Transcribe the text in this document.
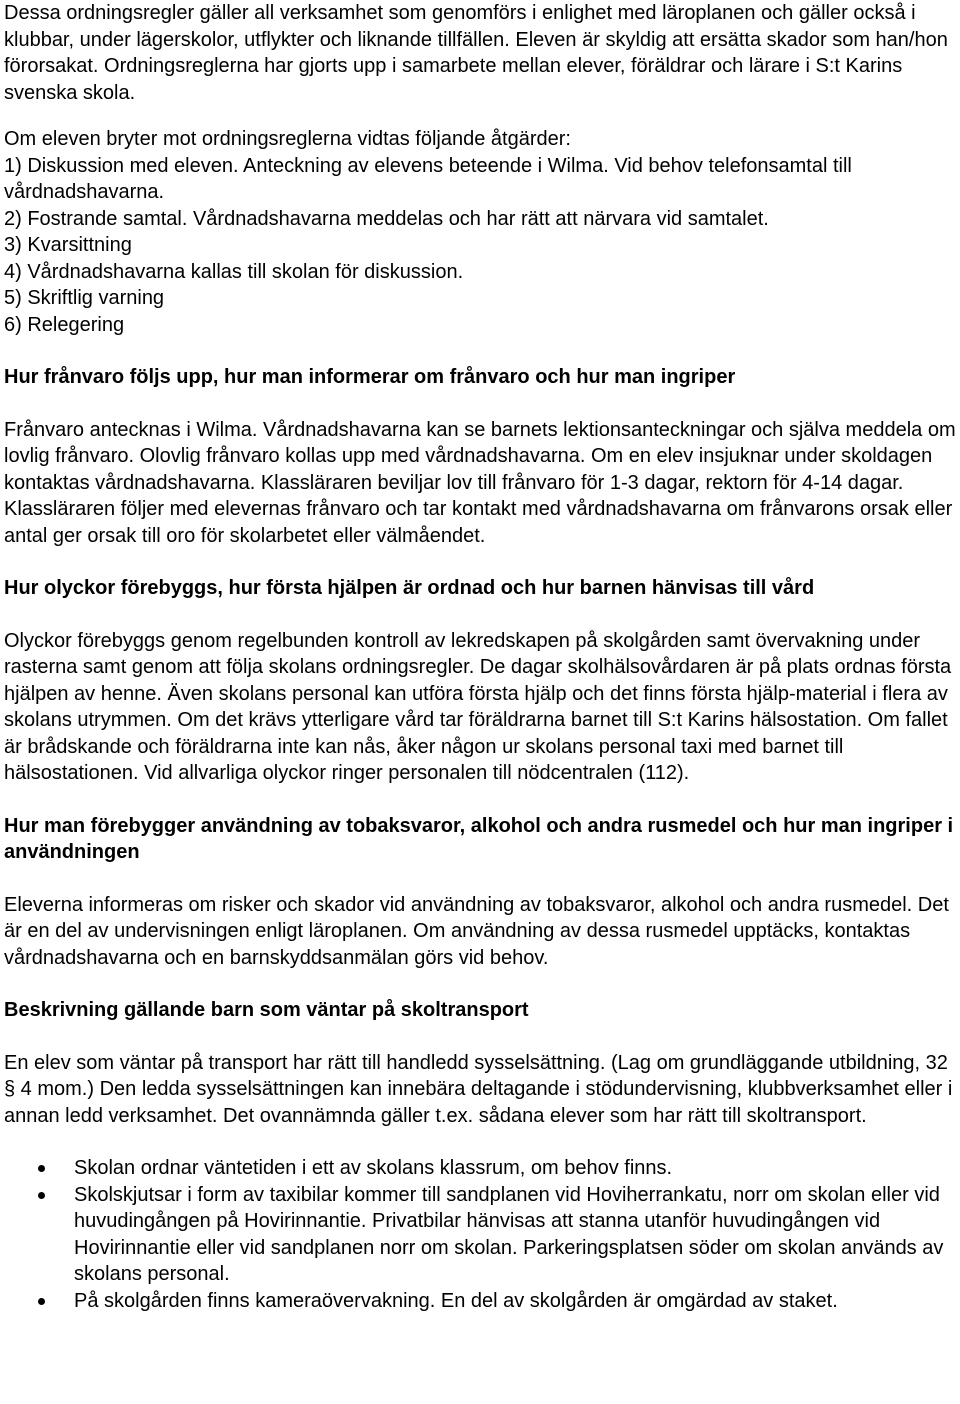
Dessa ordningsregler gäller all verksamhet som genomförs i enlighet med läroplanen och gäller också i klubbar, under lägerskolor, utflykter och liknande tillfällen. Eleven är skyldig att ersätta skador som han/hon förorsakat. Ordningsreglerna har gjorts upp i samarbete mellan elever, föräldrar och lärare i S:t Karins svenska skola.

Om eleven bryter mot ordningsreglerna vidtas följande åtgärder:

1) Diskussion med eleven. Anteckning av elevens beteende i Wilma. Vid behov telefonsamtal till vårdnadshavarna.

2) Fostrande samtal. Vårdnadshavarna meddelas och har rätt att närvara vid samtalet.

3) Kvarsittning

4) Vårdnadshavarna kallas till skolan för diskussion.

5) Skriftlig varning

6) Relegering

Hur frånvaro följs upp, hur man informerar om frånvaro och hur man ingriper

Frånvaro antecknas i Wilma. Vårdnadshavarna kan se barnets lektionsanteckningar och själva meddela om lovlig frånvaro. Olovlig frånvaro kollas upp med vårdnadshavarna. Om en elev insjuknar under skoldagen kontaktas vårdnadshavarna. Klassläraren beviljar lov till frånvaro för 1-3 dagar, rektorn för 4-14 dagar. Klassläraren följer med elevernas frånvaro och tar kontakt med vårdnadshavarna om frånvarons orsak eller antal ger orsak till oro för skolarbetet eller välmåendet.

Hur olyckor förebyggs, hur första hjälpen är ordnad och hur barnen hänvisas till vård

Olyckor förebyggs genom regelbunden kontroll av lekredskapen på skolgården samt övervakning under rasterna samt genom att följa skolans ordningsregler. De dagar skolhälsovårdaren är på plats ordnas första hjälpen av henne. Även skolans personal kan utföra första hjälp och det finns första hjälp-material i flera av skolans utrymmen. Om det krävs ytterligare vård tar föräldrarna barnet till S:t Karins hälsostation. Om fallet är brådskande och föräldrarna inte kan nås, åker någon ur skolans personal taxi med barnet till hälsostationen. Vid allvarliga olyckor ringer personalen till nödcentralen (112).

Hur man förebygger användning av tobaksvaror, alkohol och andra rusmedel och hur man ingriper i användningen

Eleverna informeras om risker och skador vid användning av tobaksvaror, alkohol och andra rusmedel. Det är en del av undervisningen enligt läroplanen. Om användning av dessa rusmedel upptäcks, kontaktas vårdnadshavarna och en barnskyddsanmälan görs vid behov.

Beskrivning gällande barn som väntar på skoltransport

En elev som väntar på transport har rätt till handledd sysselsättning. (Lag om grundläggande utbildning, 32 § 4 mom.) Den ledda sysselsättningen kan innebära deltagande i stödundervisning, klubbverksamhet eller i annan ledd verksamhet. Det ovannämnda gäller t.ex. sådana elever som har rätt till skoltransport.

Skolan ordnar väntetiden i ett av skolans klassrum, om behov finns.
Skolskjutsar i form av taxibilar kommer till sandplanen vid Hoviherrankatu, norr om skolan eller vid huvudingången på Hovirinnantie. Privatbilar hänvisas att stanna utanför huvudingången vid Hovirinnantie eller vid sandplanen norr om skolan. Parkeringsplatsen söder om skolan används av skolans personal.
På skolgården finns kameraövervakning. En del av skolgården är omgärdad av staket.
